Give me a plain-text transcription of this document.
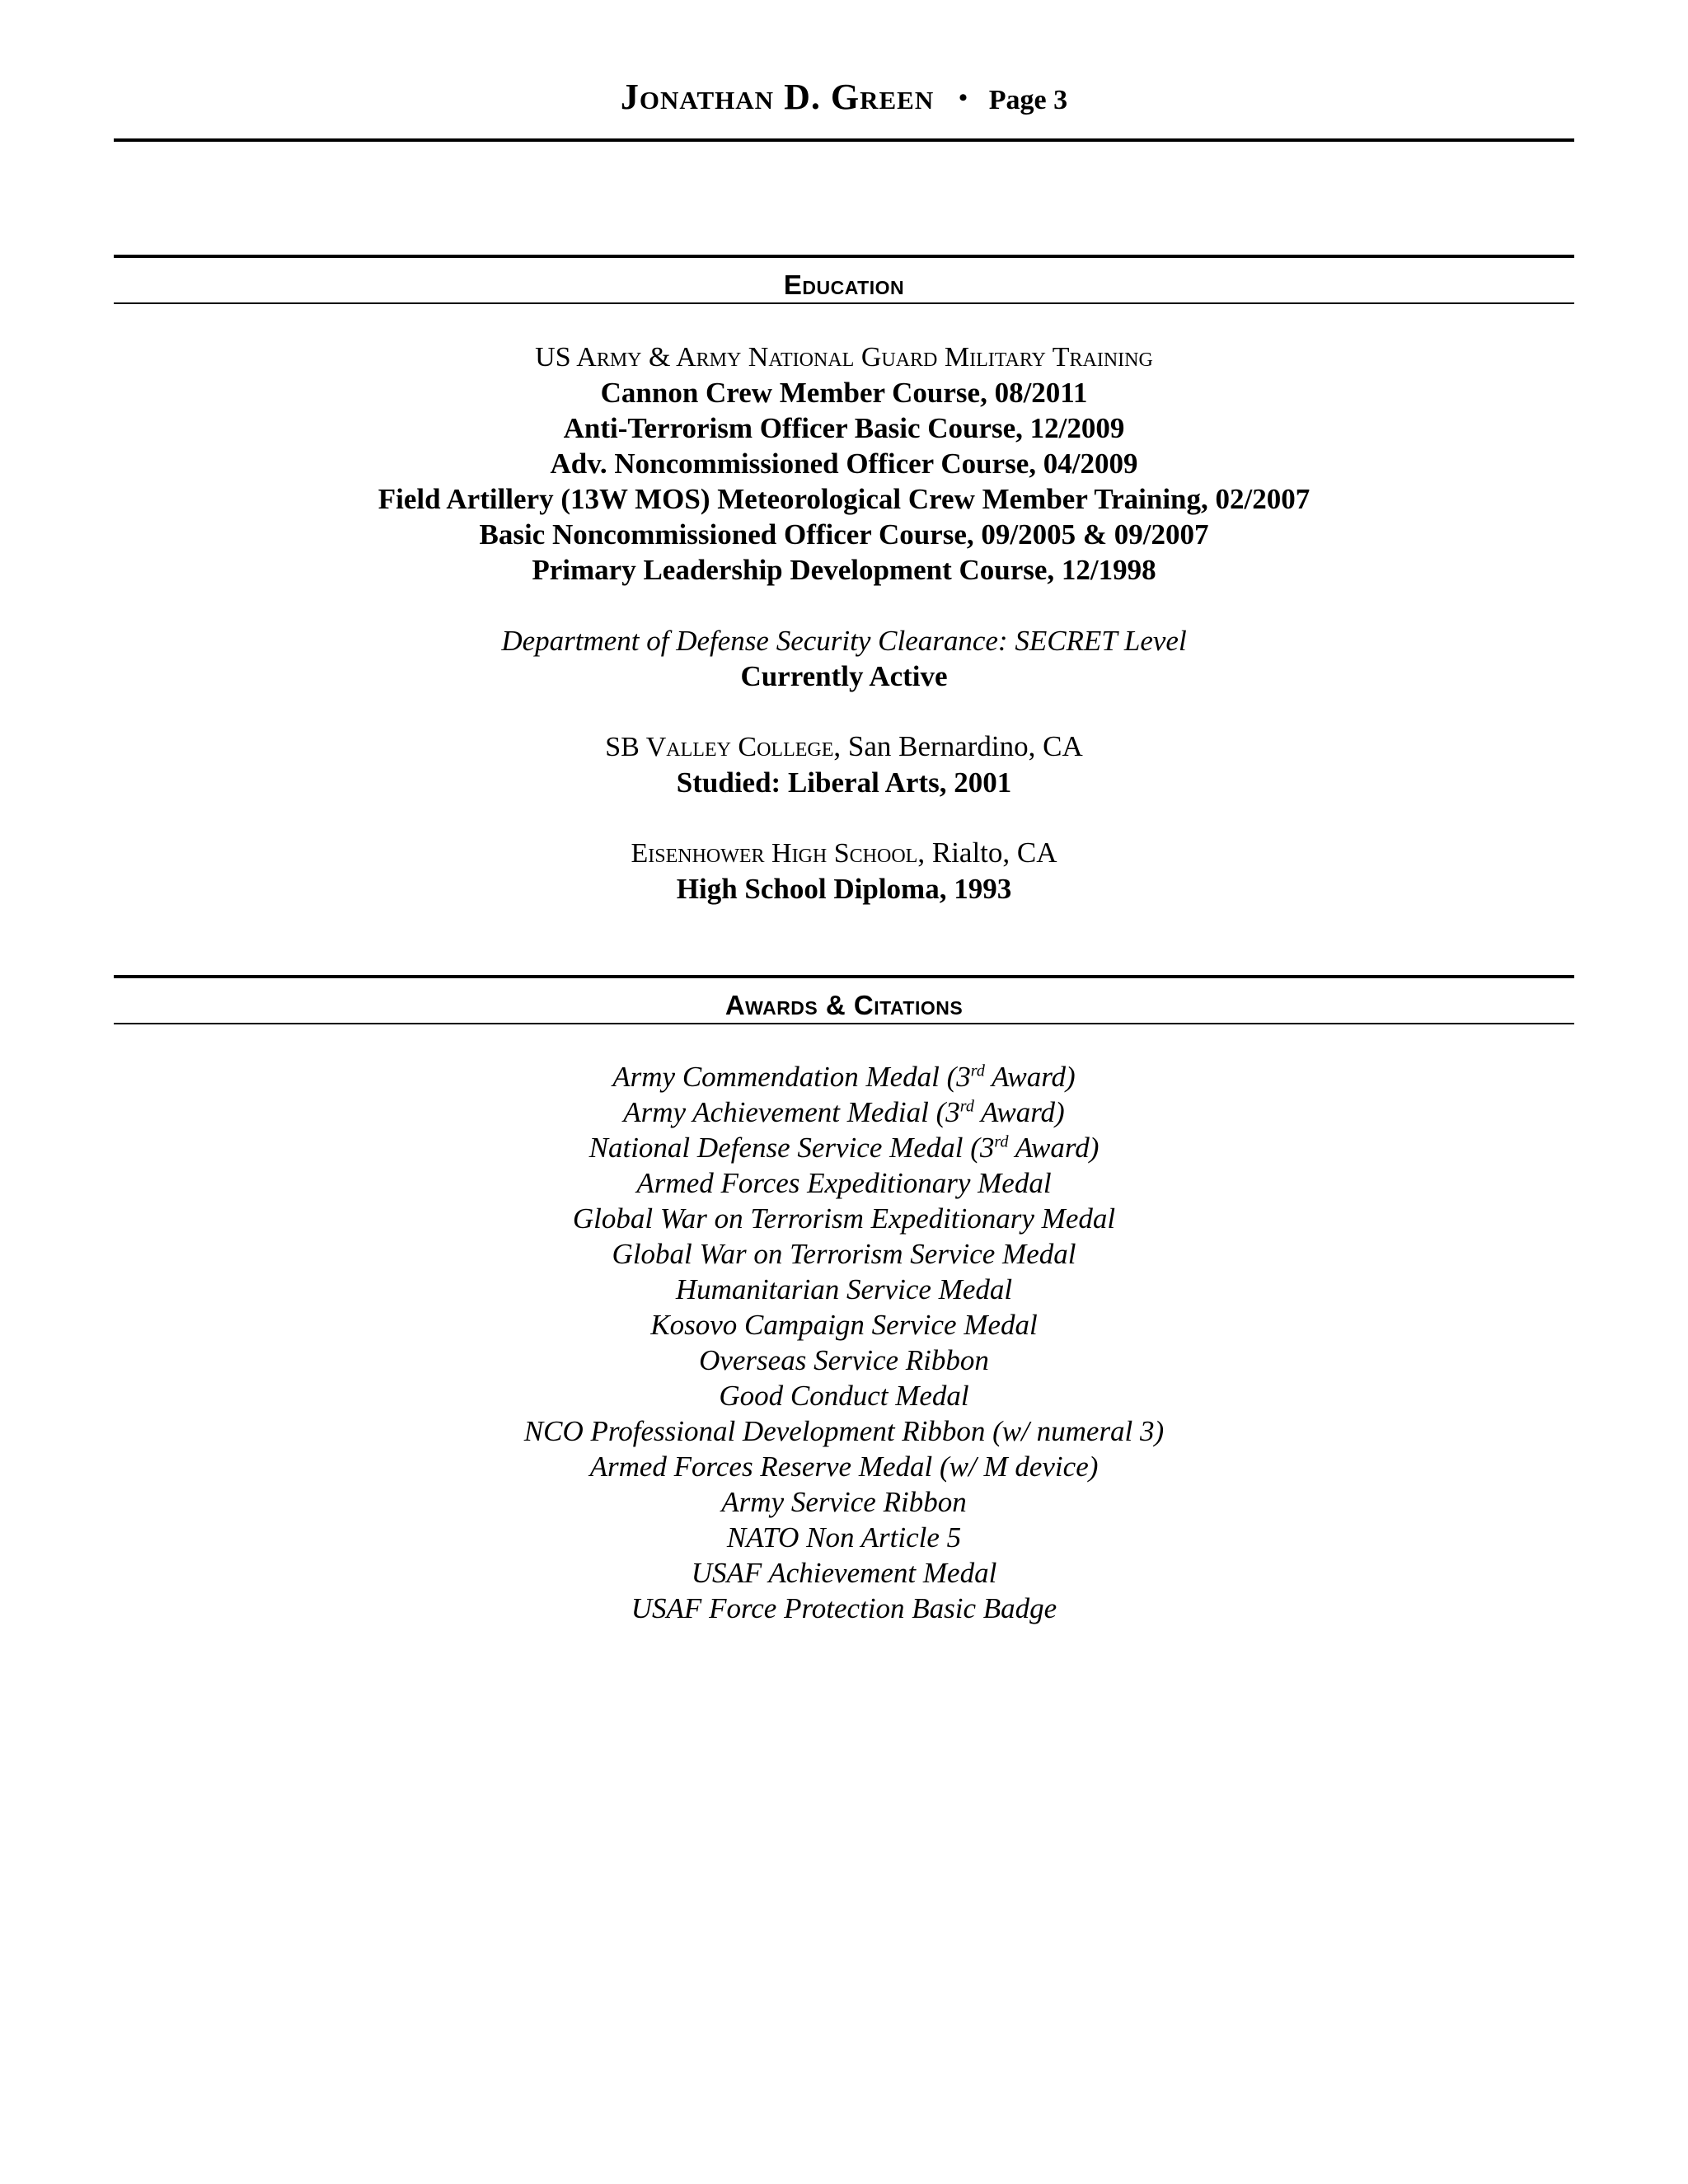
Jonathan D. Green • Page 3
Education
US Army & Army National Guard Military Training
Cannon Crew Member Course, 08/2011
Anti-Terrorism Officer Basic Course, 12/2009
Adv. Noncommissioned Officer Course, 04/2009
Field Artillery (13W MOS) Meteorological Crew Member Training, 02/2007
Basic Noncommissioned Officer Course, 09/2005 & 09/2007
Primary Leadership Development Course, 12/1998
Department of Defense Security Clearance: SECRET Level
Currently Active
SB Valley College, San Bernardino, CA
Studied: Liberal Arts, 2001
Eisenhower High School, Rialto, CA
High School Diploma, 1993
Awards & Citations
Army Commendation Medal (3rd Award)
Army Achievement Medial (3rd Award)
National Defense Service Medal (3rd Award)
Armed Forces Expeditionary Medal
Global War on Terrorism Expeditionary Medal
Global War on Terrorism Service Medal
Humanitarian Service Medal
Kosovo Campaign Service Medal
Overseas Service Ribbon
Good Conduct Medal
NCO Professional Development Ribbon (w/ numeral 3)
Armed Forces Reserve Medal (w/ M device)
Army Service Ribbon
NATO Non Article 5
USAF Achievement Medal
USAF Force Protection Basic Badge
